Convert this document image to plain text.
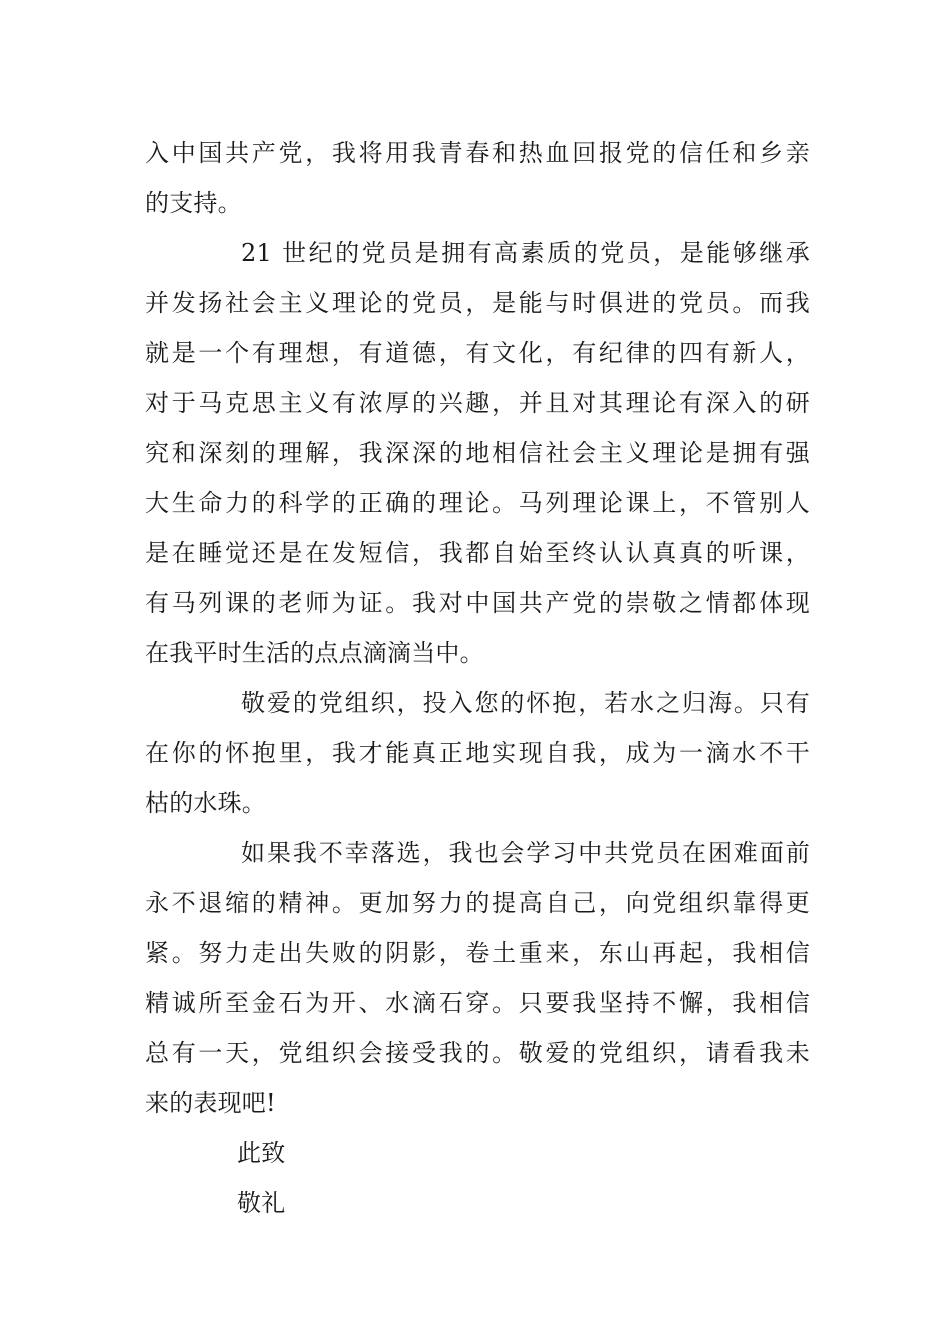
入中国共产党，我将用我青春和热血回报党的信任和乡亲
的支持。

21 世纪的党员是拥有高素质的党员，是能够继承
并发扬社会主义理论的党员，是能与时俱进的党员。而我
就是一个有理想，有道德，有文化，有纪律的四有新人，
对于马克思主义有浓厚的兴趣，并且对其理论有深入的研
究和深刻的理解，我深深的地相信社会主义理论是拥有强
大生命力的科学的正确的理论。马列理论课上，不管别人
是在睡觉还是在发短信，我都自始至终认认真真的听课，
有马列课的老师为证。我对中国共产党的崇敬之情都体现
在我平时生活的点点滴滴当中。

敬爱的党组织，投入您的怀抱，若水之归海。只有
在你的怀抱里，我才能真正地实现自我，成为一滴水不干
枯的水珠。

如果我不幸落选，我也会学习中共党员在困难面前
永不退缩的精神。更加努力的提高自己，向党组织靠得更
紧。努力走出失败的阴影，卷土重来，东山再起，我相信
精诚所至金石为开、水滴石穿。只要我坚持不懈，我相信
总有一天，党组织会接受我的。敬爱的党组织，请看我未
来的表现吧!

此致
敬礼
